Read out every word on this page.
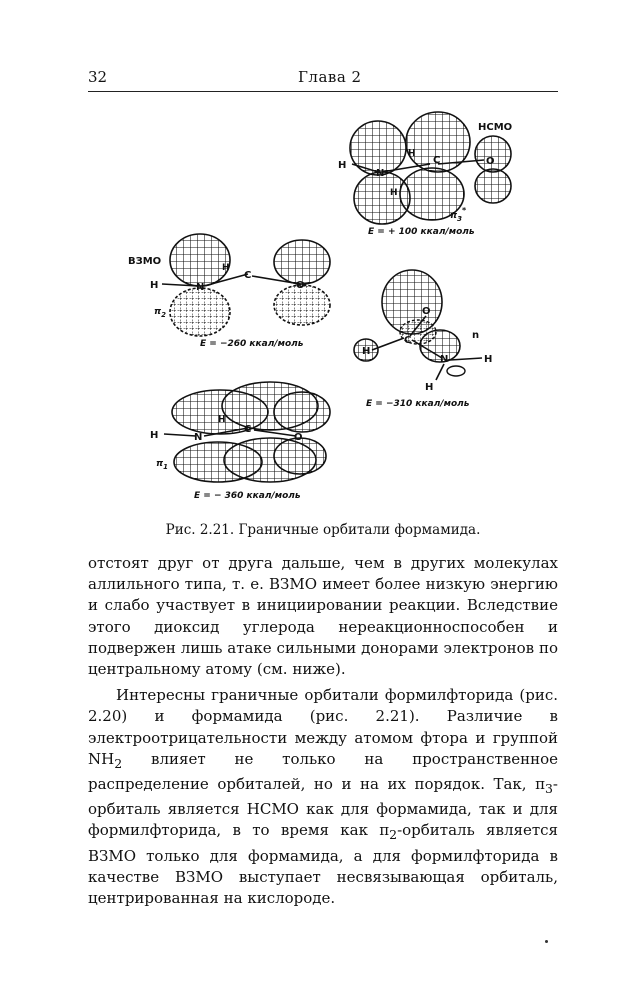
32	Глава 2
H
N
H
C	O
H
НСМО
$\pi_3*$
E = + 100 ккал/моль
H	N
H
C
O
ВЗМО
$\pi_2$
E = −260 ккал/моль
H
C
O
N	H
H
n
E = −310 ккал/моль
H	N
H
C
O
$\pi_1$
E = − 360 ккал/моль
Рис. 2.21. Граничные орбитали формамида.

отстоят друг от друга дальше, чем в других молекулах аллильного типа, т. е. ВЗМО имеет более низкую энергию и слабо участвует в инициировании реакции. Вследствие этого диоксид углерода нереакционноспособен и подвержен лишь атаке сильными донорами электронов по центральному атому (см. ниже).

Интересны граничные орбитали формилфторида (рис. 2.20) и формамида (рис. 2.21). Различие в электроотрицательности между атомом фтора и группой $NH_2$ влияет не только на пространственное распределение орбиталей, но и на их порядок. Так, $\pi_3$-орбиталь является НСМО как для формамида, так и для формилфторида, в то время как $\pi_2$-орбиталь является ВЗМО только для формамида, а для формилфторида в качестве ВЗМО выступает несвязывающая орбиталь, центрированная на кислороде.
